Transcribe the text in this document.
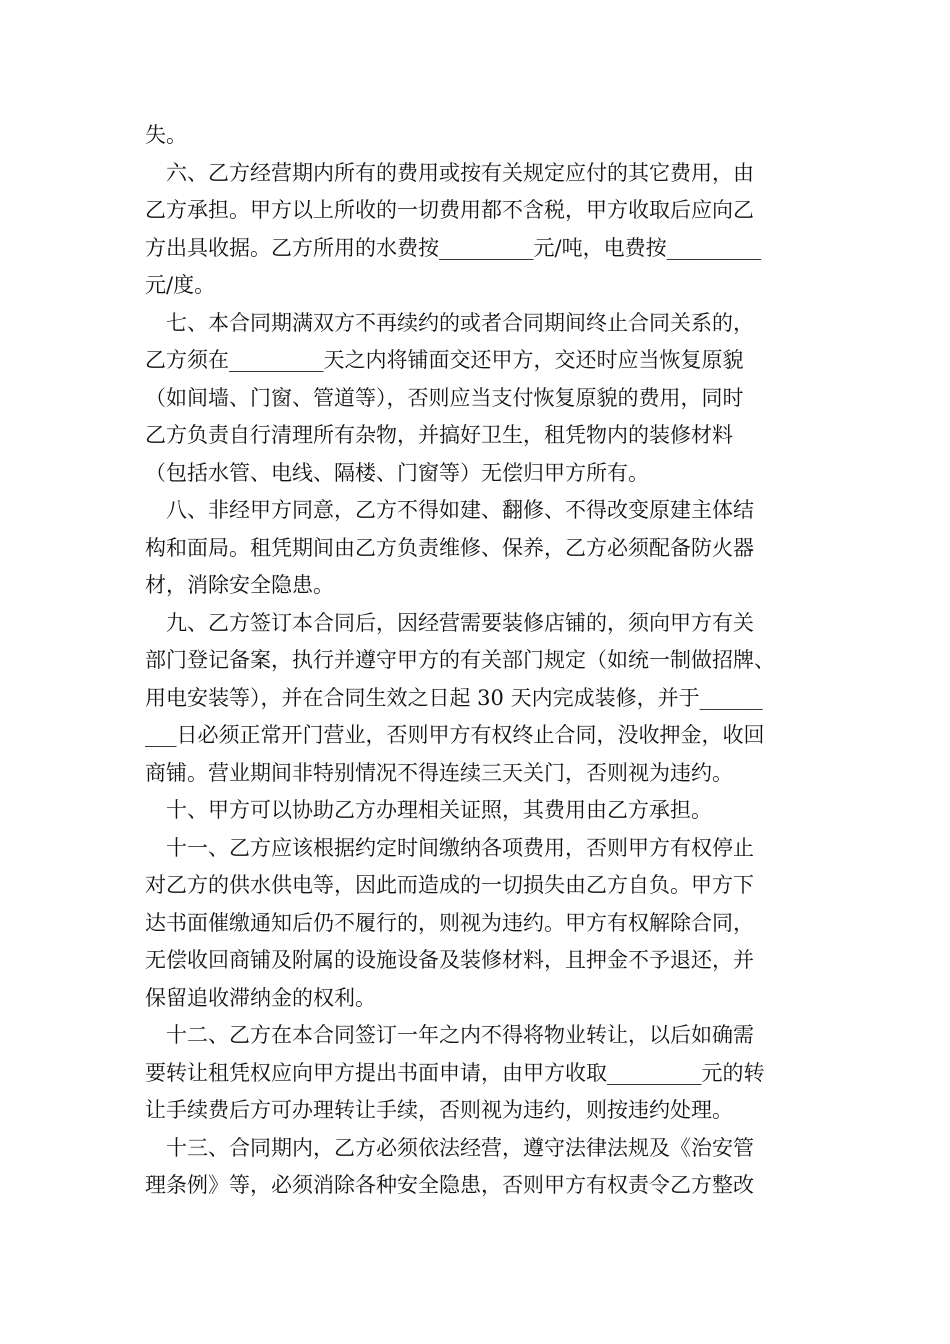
失。
六、乙方经营期内所有的费用或按有关规定应付的其它费用，由
乙方承担。甲方以上所收的一切费用都不含税，甲方收取后应向乙
方出具收据。乙方所用的水费按_________元/吨，电费按_________
元/度。
七、本合同期满双方不再续约的或者合同期间终止合同关系的，
乙方须在_________天之内将铺面交还甲方，交还时应当恢复原貌
（如间墙、门窗、管道等），否则应当支付恢复原貌的费用，同时
乙方负责自行清理所有杂物，并搞好卫生，租凭物内的装修材料
（包括水管、电线、隔楼、门窗等）无偿归甲方所有。
八、非经甲方同意，乙方不得如建、翻修、不得改变原建主体结
构和面局。租凭期间由乙方负责维修、保养，乙方必须配备防火器
材，消除安全隐患。
九、乙方签订本合同后，因经营需要装修店铺的，须向甲方有关
部门登记备案，执行并遵守甲方的有关部门规定（如统一制做招牌、
用电安装等），并在合同生效之日起 30 天内完成装修，并于______
___日必须正常开门营业，否则甲方有权终止合同，没收押金，收回
商铺。营业期间非特别情况不得连续三天关门，否则视为违约。
十、甲方可以协助乙方办理相关证照，其费用由乙方承担。
十一、乙方应该根据约定时间缴纳各项费用，否则甲方有权停止
对乙方的供水供电等，因此而造成的一切损失由乙方自负。甲方下
达书面催缴通知后仍不履行的，则视为违约。甲方有权解除合同，
无偿收回商铺及附属的设施设备及装修材料，且押金不予退还，并
保留追收滞纳金的权利。
十二、乙方在本合同签订一年之内不得将物业转让，以后如确需
要转让租凭权应向甲方提出书面申请，由甲方收取_________元的转
让手续费后方可办理转让手续，否则视为违约，则按违约处理。
十三、合同期内，乙方必须依法经营，遵守法律法规及《治安管
理条例》等，必须消除各种安全隐患，否则甲方有权责令乙方整改
